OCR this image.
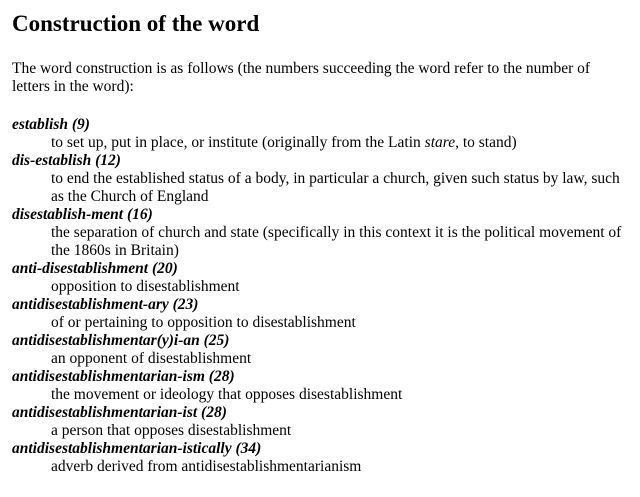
Construction of the word

The word construction is as follows (the numbers succeeding the word refer to the number of letters in the word):

establish (9)
to set up, put in place, or institute (originally from the Latin stare, to stand)
dis-establish (12)
to end the established status of a body, in particular a church, given such status by law, such as the Church of England
disestablish-ment (16)
the separation of church and state (specifically in this context it is the political movement of the 1860s in Britain)
anti-disestablishment (20)
opposition to disestablishment
antidisestablishment-ary (23)
of or pertaining to opposition to disestablishment
antidisestablishmentar(y)i-an (25)
an opponent of disestablishment
antidisestablishmentarian-ism (28)
the movement or ideology that opposes disestablishment
antidisestablishmentarian-ist (28)
a person that opposes disestablishment
antidisestablishmentarian-istically (34)
adverb derived from antidisestablishmentarianism
